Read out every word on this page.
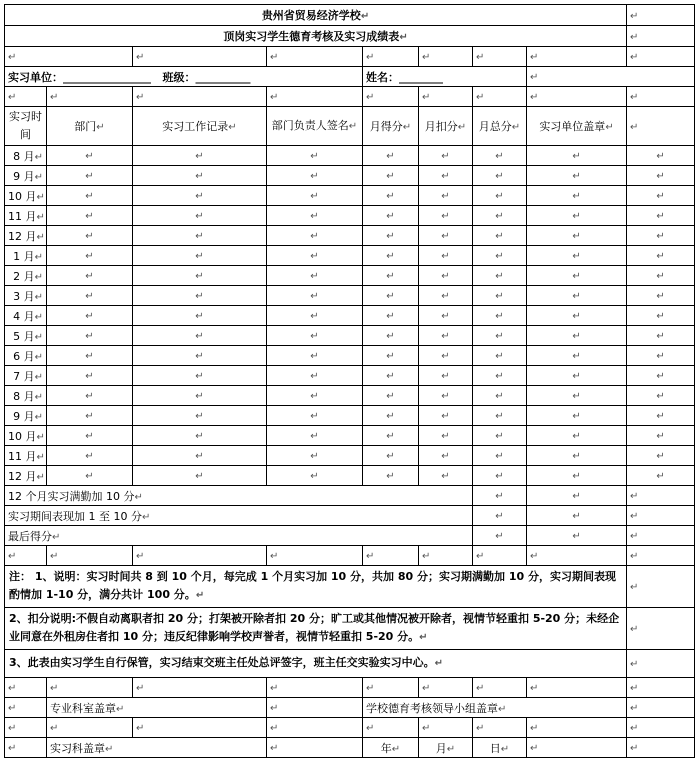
贵州省贸易经济学校↵								↵
顶岗实习学生德育考核及实习成绩表↵								↵
↵		↵	↵	↵	↵	↵	↵	↵
实习单位：________________ 班级：__________				姓名：________			↵	
↵	↵	↵	↵	↵	↵	↵	↵	↵
实习时间	部门↵	实习工作记录↵	部门负责人签名↵	月得分↵	月扣分↵	月总分↵	实习单位盖章↵	↵
8 月↵	↵	↵	↵	↵	↵	↵	↵	↵
9 月↵	↵	↵	↵	↵	↵	↵	↵	↵
10 月↵	↵	↵	↵	↵	↵	↵	↵	↵
11 月↵	↵	↵	↵	↵	↵	↵	↵	↵
12 月↵	↵	↵	↵	↵	↵	↵	↵	↵
1 月↵	↵	↵	↵	↵	↵	↵	↵	↵
2 月↵	↵	↵	↵	↵	↵	↵	↵	↵
3 月↵	↵	↵	↵	↵	↵	↵	↵	↵
4 月↵	↵	↵	↵	↵	↵	↵	↵	↵
5 月↵	↵	↵	↵	↵	↵	↵	↵	↵
6 月↵	↵	↵	↵	↵	↵	↵	↵	↵
7 月↵	↵	↵	↵	↵	↵	↵	↵	↵
8 月↵	↵	↵	↵	↵	↵	↵	↵	↵
9 月↵	↵	↵	↵	↵	↵	↵	↵	↵
10 月↵	↵	↵	↵	↵	↵	↵	↵	↵
11 月↵	↵	↵	↵	↵	↵	↵	↵	↵
12 月↵	↵	↵	↵	↵	↵	↵	↵	↵
12 个月实习满勤加 10 分↵						↵	↵	↵
实习期间表现加 1 至 10 分↵						↵	↵	↵
最后得分↵						↵	↵	↵
↵	↵	↵	↵	↵	↵	↵	↵	↵
注： 1、说明：实习时间共 8 到 10 个月，每完成 1 个月实习加 10 分，共加 80 分；实习期满勤加 10 分，实习期间表现酌情加 1-10 分，满分共计 100 分。↵								↵
2、扣分说明:不假自动离职者扣 20 分；打架被开除者扣 20 分；旷工或其他情况被开除者，视情节轻重扣 5-20 分；未经企业同意在外租房住者扣 10 分；违反纪律影响学校声誉者，视情节轻重扣 5-20 分。↵								↵
3、此表由实习学生自行保管，实习结束交班主任处总评签字，班主任交实验实习中心。↵								↵
↵	↵	↵	↵	↵	↵	↵	↵	↵
↵	专业科室盖章↵		↵	学校德育考核领导小组盖章↵				↵
↵	↵	↵	↵	↵	↵	↵	↵	↵
↵	实习科盖章↵		↵	年↵	月↵	日↵	↵	↵
